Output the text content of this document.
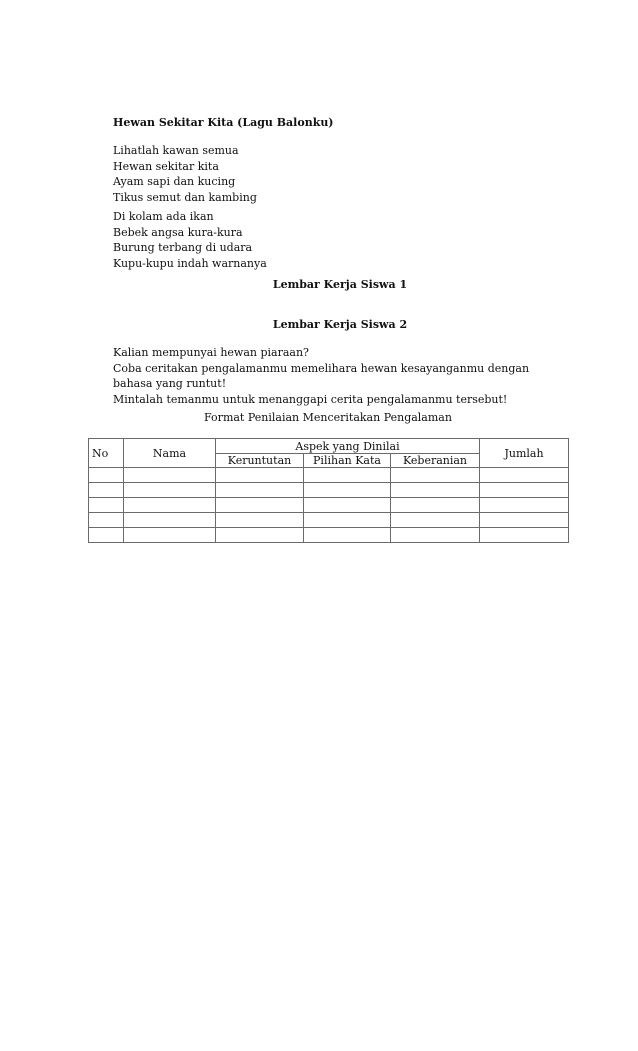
Hewan Sekitar Kita (Lagu Balonku)
Lihatlah kawan semua
Hewan sekitar kita
Ayam sapi dan kucing
Tikus semut dan kambing
Di kolam ada ikan
Bebek angsa kura-kura
Burung terbang di udara
Kupu-kupu indah warnanya
Lembar Kerja Siswa 1
Lembar Kerja Siswa 2
Kalian mempunyai hewan piaraan?
Coba ceritakan pengalamanmu memelihara hewan kesayanganmu dengan bahasa yang runtut!
Mintalah temanmu untuk menanggapi cerita pengalamanmu tersebut!
Format Penilaian Menceritakan Pengalaman
No	Nama	Aspek yang Dinilai			Jumlah
		Keruntutan	Pilihan Kata	Keberanian	
